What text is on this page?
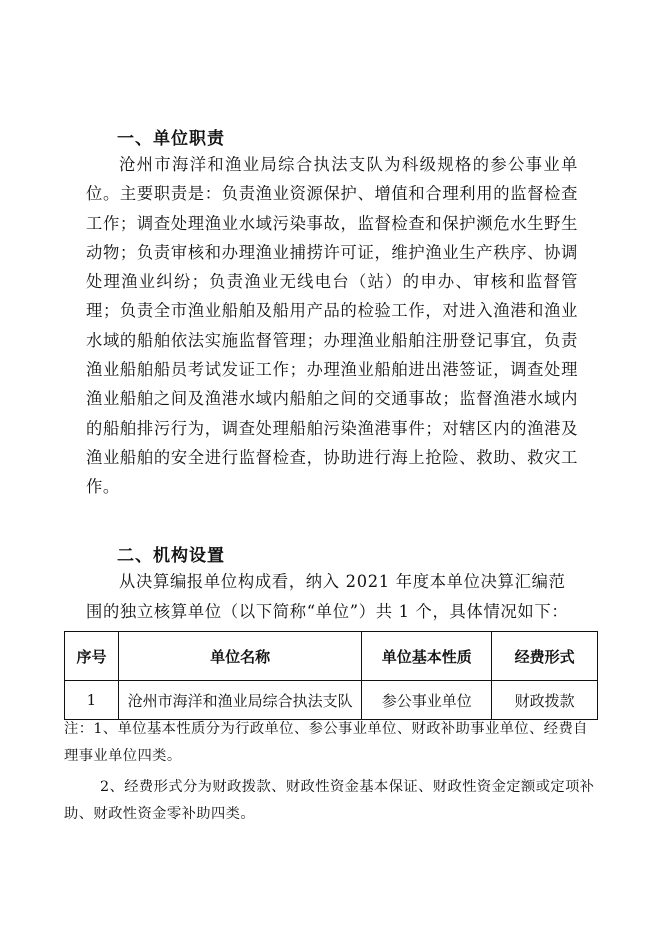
一、单位职责

沧州市海洋和渔业局综合执法支队为科级规格的参公事业单位。主要职责是：负责渔业资源保护、增值和合理利用的监督检查工作；调查处理渔业水域污染事故，监督检查和保护濒危水生野生动物；负责审核和办理渔业捕捞许可证，维护渔业生产秩序、协调处理渔业纠纷；负责渔业无线电台（站）的申办、审核和监督管理；负责全市渔业船舶及船用产品的检验工作，对进入渔港和渔业水域的船舶依法实施监督管理；办理渔业船舶注册登记事宜，负责渔业船舶船员考试发证工作；办理渔业船舶进出港签证，调查处理渔业船舶之间及渔港水域内船舶之间的交通事故；监督渔港水域内的船舶排污行为，调查处理船舶污染渔港事件；对辖区内的渔港及渔业船舶的安全进行监督检查，协助进行海上抢险、救助、救灾工作。

二、机构设置

从决算编报单位构成看，纳入 2021 年度本单位决算汇编范围的独立核算单位（以下简称“单位”）共 1 个，具体情况如下：

序号	单位名称	单位基本性质	经费形式
1	沧州市海洋和渔业局综合执法支队	参公事业单位	财政拨款

注：1、单位基本性质分为行政单位、参公事业单位、财政补助事业单位、经费自理事业单位四类。

2、经费形式分为财政拨款、财政性资金基本保证、财政性资金定额或定项补助、财政性资金零补助四类。
